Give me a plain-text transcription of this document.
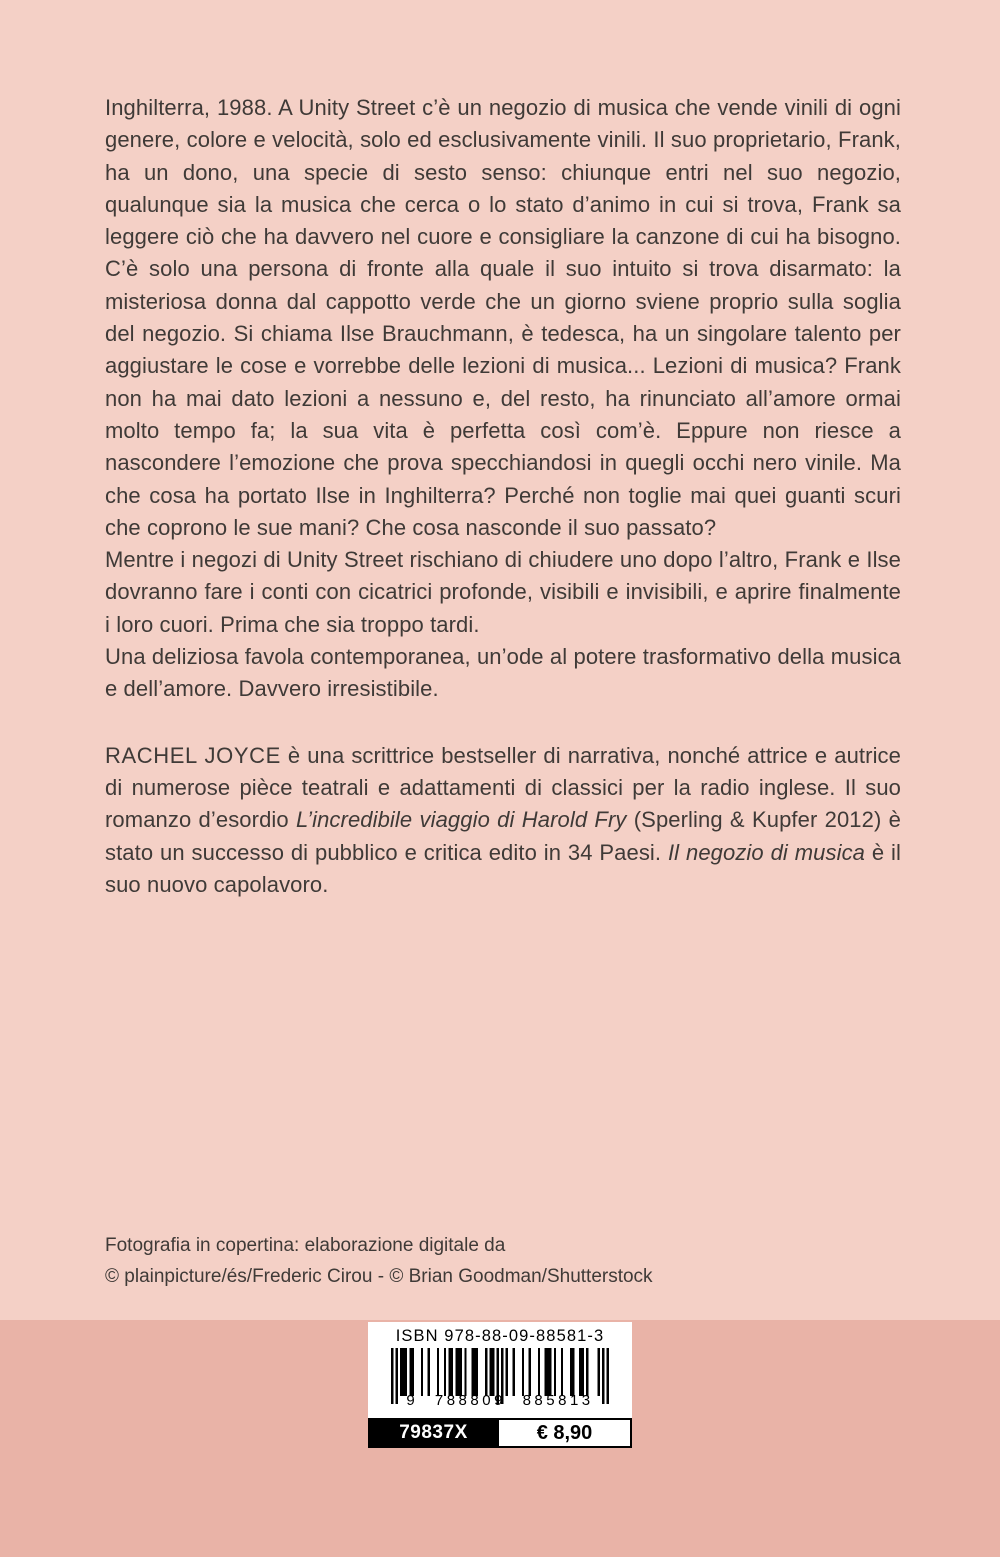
Inghilterra, 1988. A Unity Street c’è un negozio di musica che vende vinili di ogni genere, colore e velocità, solo ed esclusivamente vinili. Il suo proprietario, Frank, ha un dono, una specie di sesto senso: chiunque entri nel suo negozio, qualunque sia la musica che cerca o lo stato d’animo in cui si trova, Frank sa leggere ciò che ha davvero nel cuore e consigliare la canzone di cui ha bisogno. C’è solo una persona di fronte alla quale il suo intuito si trova disarmato: la misteriosa donna dal cappotto verde che un giorno sviene proprio sulla soglia del negozio. Si chiama Ilse Brauchmann, è tedesca, ha un singolare talento per aggiustare le cose e vorrebbe delle lezioni di musica... Lezioni di musica? Frank non ha mai dato lezioni a nessuno e, del resto, ha rinunciato all’amore ormai molto tempo fa; la sua vita è perfetta così com’è. Eppure non riesce a nascondere l’emozione che prova specchiandosi in quegli occhi nero vinile. Ma che cosa ha portato Ilse in Inghilterra? Perché non toglie mai quei guanti scuri che coprono le sue mani? Che cosa nasconde il suo passato?

Mentre i negozi di Unity Street rischiano di chiudere uno dopo l’altro, Frank e Ilse dovranno fare i conti con cicatrici profonde, visibili e invisibili, e aprire finalmente i loro cuori. Prima che sia troppo tardi.

Una deliziosa favola contemporanea, un’ode al potere trasformativo della musica e dell’amore. Davvero irresistibile.

RACHEL JOYCE è una scrittrice bestseller di narrativa, nonché attrice e autrice di numerose pièce teatrali e adattamenti di classici per la radio inglese. Il suo romanzo d’esordio L’incredibile viaggio di Harold Fry (Sperling & Kupfer 2012) è stato un successo di pubblico e critica edito in 34 Paesi. Il negozio di musica è il suo nuovo capolavoro.

Fotografia in copertina: elaborazione digitale da
© plainpicture/és/Frederic Cirou - © Brian Goodman/Shutterstock
ISBN 978-88-09-88581-3
9 788809 885813
79837X	€ 8,90
